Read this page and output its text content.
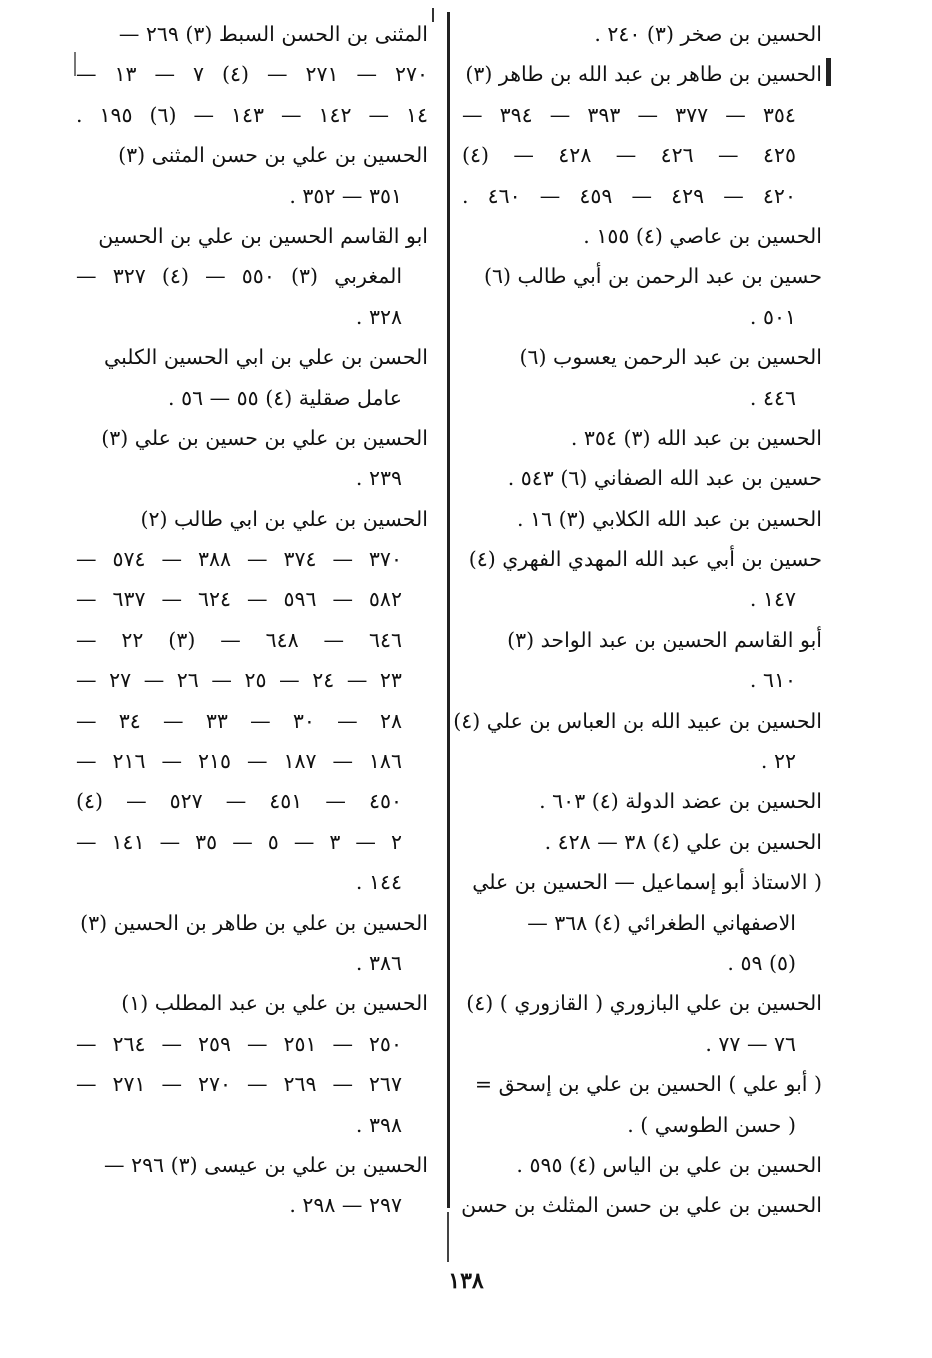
الحسين بن صخر (٣) ٢٤٠ .
الحسين بن طاهر بن عبد الله بن طاهر (٣)
٣٥٤ — ٣٧٧ — ٣٩٣ — ٣٩٤ —
٤٢٥ — ٤٢٦ — ٤٢٨ — (٤)
٤٢٠ — ٤٢٩ — ٤٥٩ — ٤٦٠ .
الحسين بن عاصي (٤) ١٥٥ .
حسين بن عبد الرحمن بن أبي طالب (٦)
٥٠١ .
الحسين بن عبد الرحمن يعسوب (٦)
٤٤٦ .
الحسين بن عبد الله (٣) ٣٥٤ .
حسين بن عبد الله الصفاني (٦) ٥٤٣ .
الحسين بن عبد الله الكلابي (٣) ١٦ .
حسين بن أبي عبد الله المهدي الفهري (٤)
١٤٧ .
أبو القاسم الحسين بن عبد الواحد (٣)
٦١٠ .
الحسين بن عبيد الله بن العباس بن علي (٤)
٢٢ .
الحسين بن عضد الدولة (٤) ٦٠٣ .
الحسين بن علي (٤) ٣٨ — ٤٢٨ .
( الاستاذ أبو إسماعيل — الحسين بن علي
الاصفهاني الطغرائي (٤) ٣٦٨ —
(٥) ٥٩ .
الحسين بن علي البازوري ( القازوري ) (٤)
٧٦ — ٧٧ .
( أبو علي ) الحسين بن علي بن إسحق =
( حسن الطوسي ) .
الحسين بن علي بن الياس (٤) ٥٩٥ .
الحسين بن علي بن حسن المثلث بن حسن
المثنى بن الحسن السبط (٣) ٢٦٩ —
٢٧٠ — ٢٧١ — (٤) ٧ — ١٣ —
١٤ — ١٤٢ — ١٤٣ — (٦) ١٩٥ .
الحسين بن علي بن حسن المثنى (٣)
٣٥١ — ٣٥٢ .
ابو القاسم الحسين بن علي بن الحسين
المغربي (٣) ٥٥٠ — (٤) ٣٢٧ —
٣٢٨ .
الحسن بن علي بن ابي الحسين الكلبي
عامل صقلية (٤) ٥٥ — ٥٦ .
الحسين بن علي بن حسين بن علي (٣)
٢٣٩ .
الحسين بن علي بن ابي طالب (٢)
٣٧٠ — ٣٧٤ — ٣٨٨ — ٥٧٤ —
٥٨٢ — ٥٩٦ — ٦٢٤ — ٦٣٧ —
٦٤٦ — ٦٤٨ — (٣) ٢٢ —
٢٣ — ٢٤ — ٢٥ — ٢٦ — ٢٧ —
٢٨ — ٣٠ — ٣٣ — ٣٤ —
١٨٦ — ١٨٧ — ٢١٥ — ٢١٦ —
٤٥٠ — ٤٥١ — ٥٢٧ — (٤)
٢ — ٣ — ٥ — ٣٥ — ١٤١ —
١٤٤ .
الحسين بن علي بن طاهر بن الحسين (٣)
٣٨٦ .
الحسين بن علي بن عبد المطلب (١)
٢٥٠ — ٢٥١ — ٢٥٩ — ٢٦٤ —
٢٦٧ — ٢٦٩ — ٢٧٠ — ٢٧١ —
٣٩٨ .
الحسين بن علي بن عيسى (٣) ٢٩٦ —
٢٩٧ — ٢٩٨ .
١٣٨
